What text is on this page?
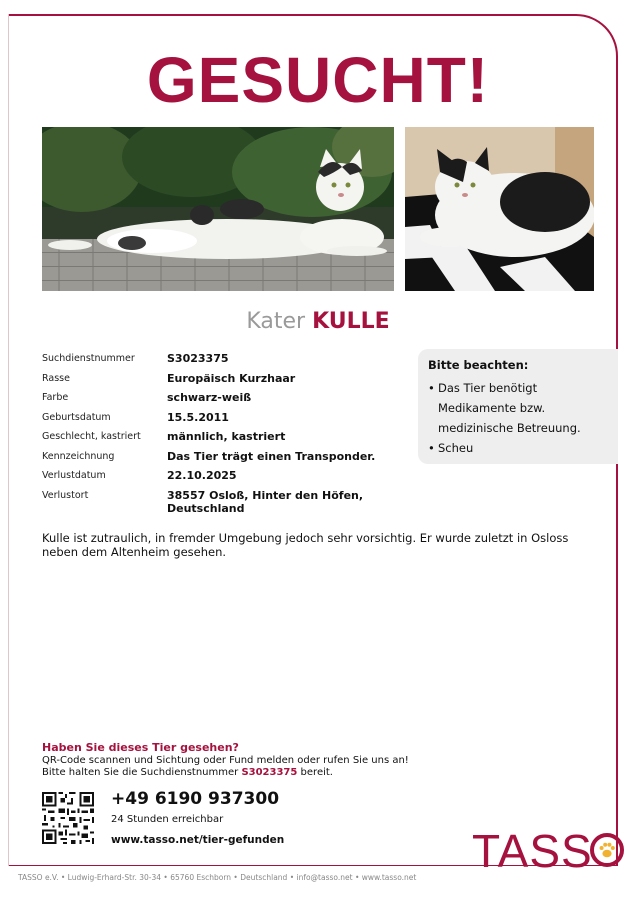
GESUCHT!
Kater KULLE
Suchdienstnummer	S3023375
Rasse	Europäisch Kurzhaar
Farbe	schwarz-weiß
Geburtsdatum	15.5.2011
Geschlecht, kastriert	männlich, kastriert
Kennzeichnung	Das Tier trägt einen Transponder.
Verlustdatum	22.10.2025
Verlustort	38557 Osloß, Hinter den Höfen, Deutschland
Bitte beachten:
• Das Tier benötigt Medikamente bzw. medizinische Betreuung.
• Scheu
Kulle ist zutraulich, in fremder Umgebung jedoch sehr vorsichtig. Er wurde zuletzt in Osloss neben dem Altenheim gesehen.
Haben Sie dieses Tier gesehen?
QR-Code scannen und Sichtung oder Fund melden oder rufen Sie uns an!
Bitte halten Sie die Suchdienstnummer S3023375 bereit.
+49 6190 937300
24 Stunden erreichbar
www.tasso.net/tier-gefunden	TASS
TASSO e.V. • Ludwig-Erhard-Str. 30-34 • 65760 Eschborn • Deutschland • info@tasso.net • www.tasso.net
